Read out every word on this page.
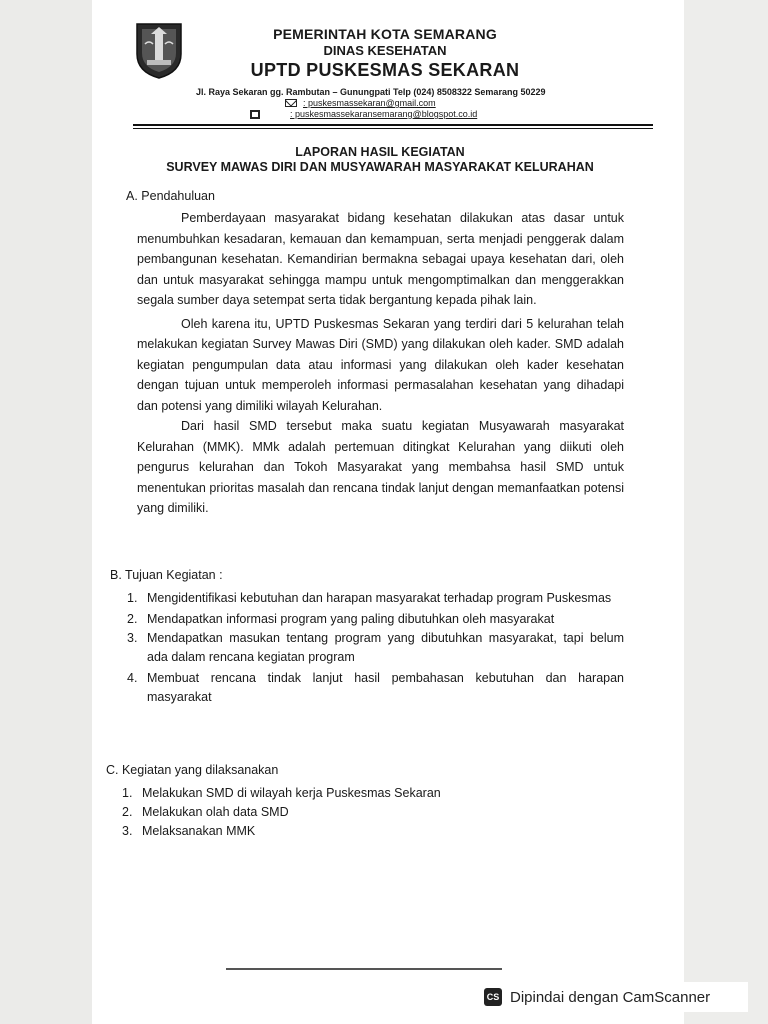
PEMERINTAH KOTA SEMARANG
DINAS KESEHATAN
UPTD PUSKESMAS SEKARAN
Jl. Raya Sekaran gg. Rambutan – Gunungpati Telp (024) 8508322 Semarang 50229
: puskesmassekaran@gmail.com
: puskesmassekaransemarang@blogspot.co.id
LAPORAN HASIL KEGIATAN
SURVEY MAWAS DIRI DAN MUSYAWARAH MASYARAKAT KELURAHAN
A. Pendahuluan

Pemberdayaan masyarakat bidang kesehatan dilakukan atas dasar untuk menumbuhkan kesadaran, kemauan dan kemampuan, serta menjadi penggerak dalam pembangunan kesehatan. Kemandirian bermakna sebagai upaya kesehatan dari, oleh dan untuk masyarakat sehingga mampu untuk mengomptimalkan dan menggerakkan segala sumber daya setempat serta tidak bergantung kepada pihak lain.

Oleh karena itu, UPTD Puskesmas Sekaran yang terdiri dari 5 kelurahan telah melakukan kegiatan Survey Mawas Diri (SMD) yang dilakukan oleh kader. SMD adalah kegiatan pengumpulan data atau informasi yang dilakukan oleh kader kesehatan dengan tujuan untuk memperoleh informasi permasalahan kesehatan yang dihadapi dan potensi yang dimiliki wilayah Kelurahan.

Dari hasil SMD tersebut maka suatu kegiatan Musyawarah masyarakat Kelurahan (MMK). MMk adalah pertemuan ditingkat Kelurahan yang diikuti oleh pengurus kelurahan dan Tokoh Masyarakat yang membahsa hasil SMD untuk menentukan prioritas masalah dan rencana tindak lanjut dengan memanfaatkan potensi yang dimiliki.

B. Tujuan Kegiatan :
1. Mengidentifikasi kebutuhan dan harapan masyarakat terhadap program Puskesmas
2. Mendapatkan informasi program yang paling dibutuhkan oleh masyarakat
3. Mendapatkan masukan tentang program yang dibutuhkan masyarakat, tapi belum ada dalam rencana kegiatan program
4. Membuat rencana tindak lanjut hasil pembahasan kebutuhan dan harapan masyarakat
C. Kegiatan yang dilaksanakan
1. Melakukan SMD di wilayah kerja Puskesmas Sekaran
2. Melakukan olah data SMD
3. Melaksanakan MMK
CS Dipindai dengan CamScanner
